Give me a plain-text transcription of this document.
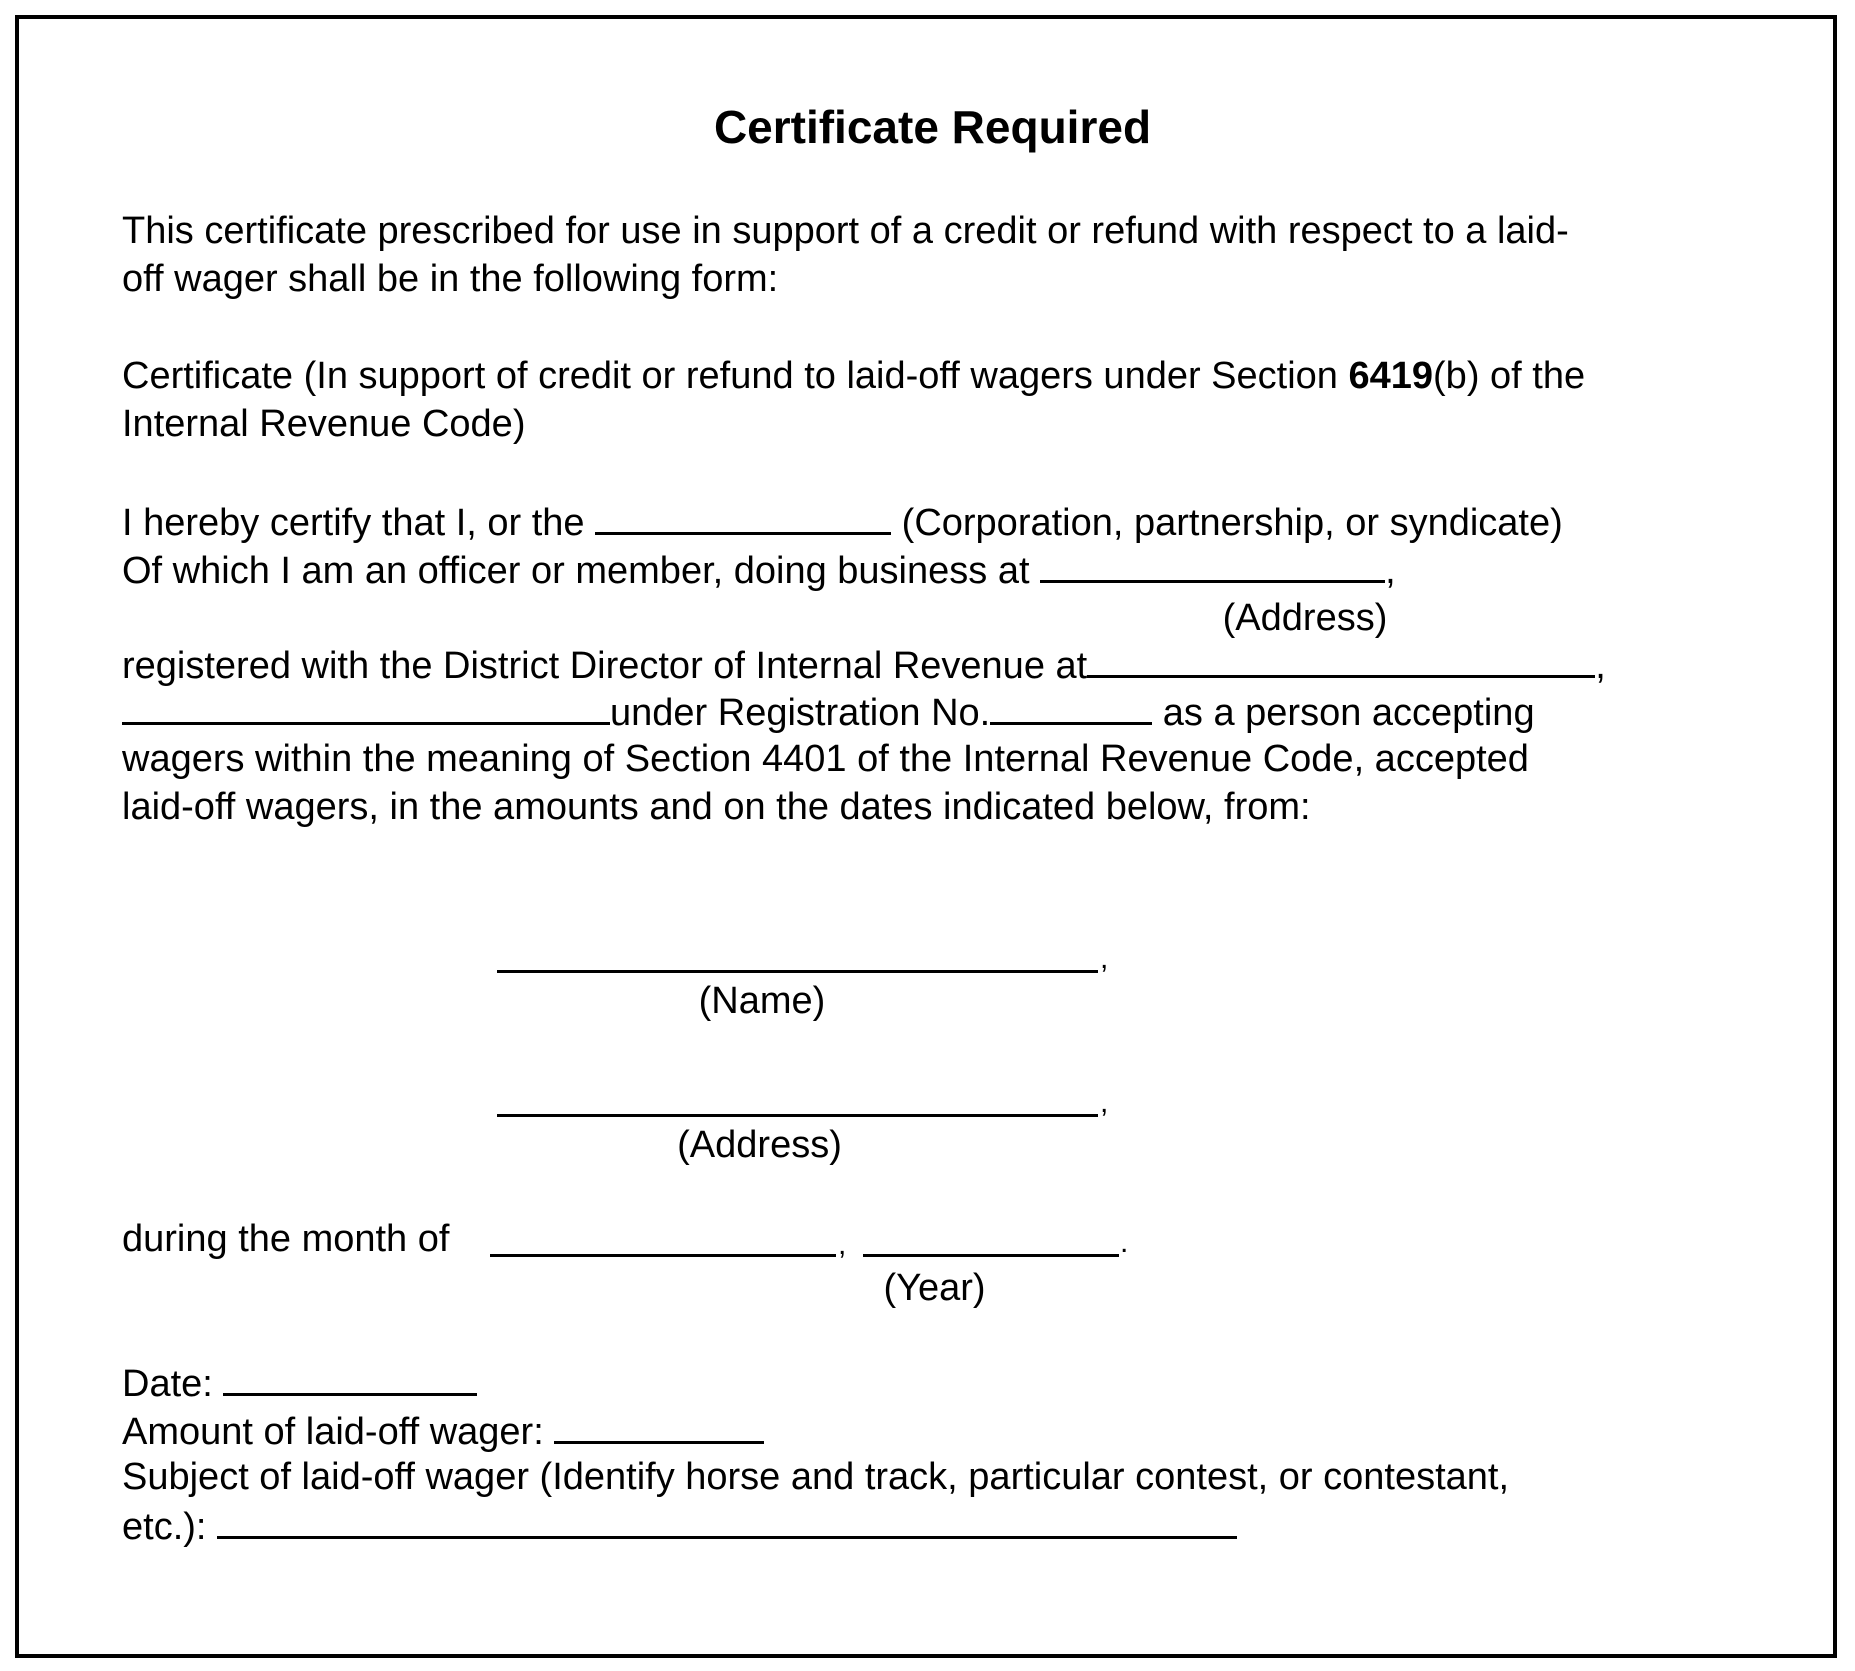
Certificate Required
This certificate prescribed for use in support of a credit or refund with respect to a laid-
off wager shall be in the following form:
Certificate (In support of credit or refund to laid-off wagers under Section 6419(b) of the
Internal Revenue Code)
I hereby certify that I, or the	(Corporation, partnership, or syndicate)
Of which I am an officer or member, doing business at	,
(Address)
registered with the District Director of Internal Revenue at	,
under Registration No.	as a person accepting
wagers within the meaning of Section 4401 of the Internal Revenue Code, accepted
laid-off wagers, in the amounts and on the dates indicated below, from:
,
(Name)
,
(Address)
during the month of	,	.
(Year)
Date:
Amount of laid-off wager:
Subject of laid-off wager (Identify horse and track, particular contest, or contestant,
etc.):
